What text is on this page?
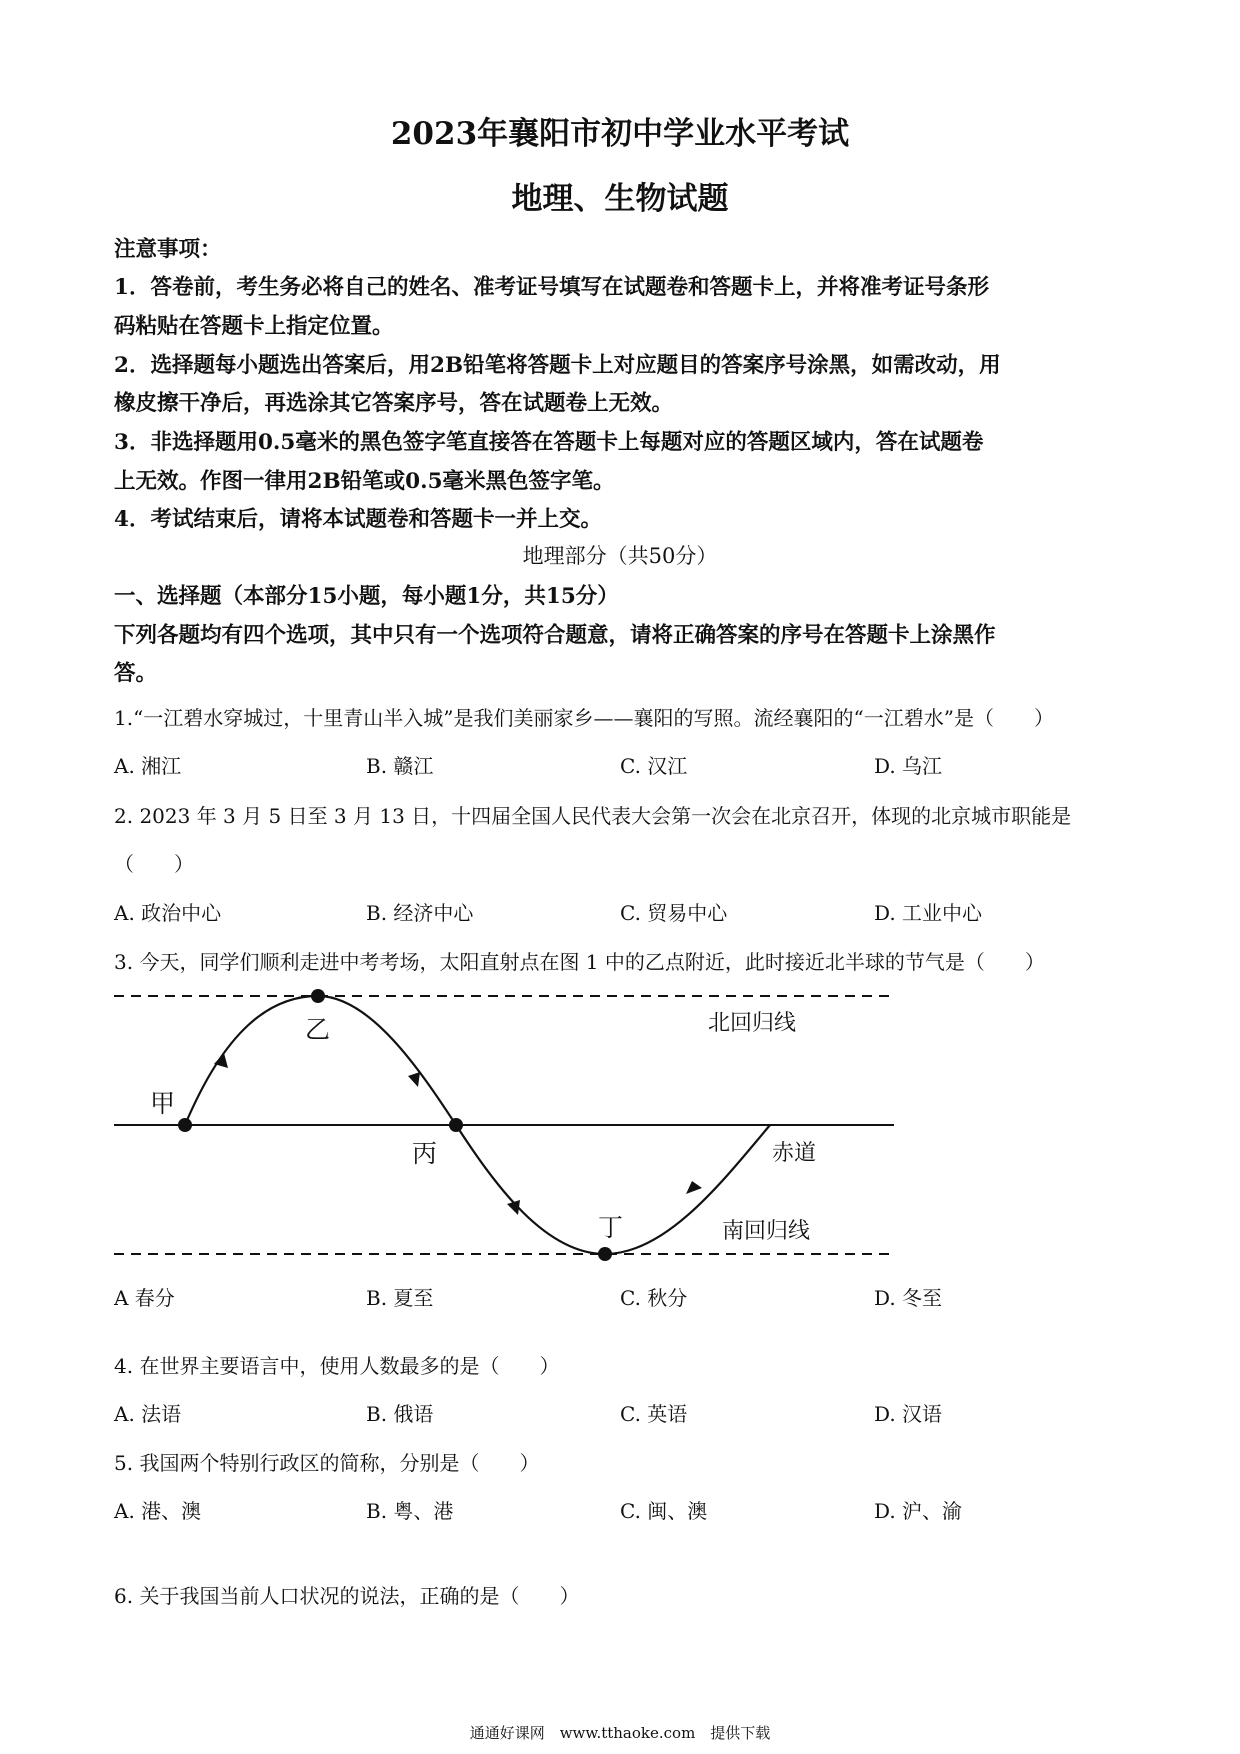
2023年襄阳市初中学业水平考试
地理、生物试题
注意事项：
1．答卷前，考生务必将自己的姓名、准考证号填写在试题卷和答题卡上，并将准考证号条形
码粘贴在答题卡上指定位置。
2．选择题每小题选出答案后，用2B铅笔将答题卡上对应题目的答案序号涂黑，如需改动，用
橡皮擦干净后，再选涂其它答案序号，答在试题卷上无效。
3．非选择题用0.5毫米的黑色签字笔直接答在答题卡上每题对应的答题区域内，答在试题卷
上无效。作图一律用2B铅笔或0.5毫米黑色签字笔。
4．考试结束后，请将本试题卷和答题卡一并上交。
地理部分（共50分）
一、选择题（本部分15小题，每小题1分，共15分）
下列各题均有四个选项，其中只有一个选项符合题意，请将正确答案的序号在答题卡上涂黑作
答。
1.“一江碧水穿城过，十里青山半入城”是我们美丽家乡——襄阳的写照。流经襄阳的“一江碧水”是（　　）
A. 湘江	B. 赣江	C. 汉江	D. 乌江
2. 2023 年 3 月 5 日至 3 月 13 日，十四届全国人民代表大会第一次会在北京召开，体现的北京城市职能是
（　　）
A. 政治中心	B. 经济中心	C. 贸易中心	D. 工业中心
3. 今天，同学们顺利走进中考考场，太阳直射点在图 1 中的乙点附近，此时接近北半球的节气是（　　）
甲
乙
丙
丁
北回归线
赤道
南回归线
A 春分	B. 夏至	C. 秋分	D. 冬至
4. 在世界主要语言中，使用人数最多的是（　　）
A. 法语	B. 俄语	C. 英语	D. 汉语
5. 我国两个特别行政区的简称，分别是（　　）
A. 港、澳	B. 粤、港	C. 闽、澳	D. 沪、渝
6. 关于我国当前人口状况的说法，正确的是（　　）
通通好课网　www.tthaoke.com　提供下载
